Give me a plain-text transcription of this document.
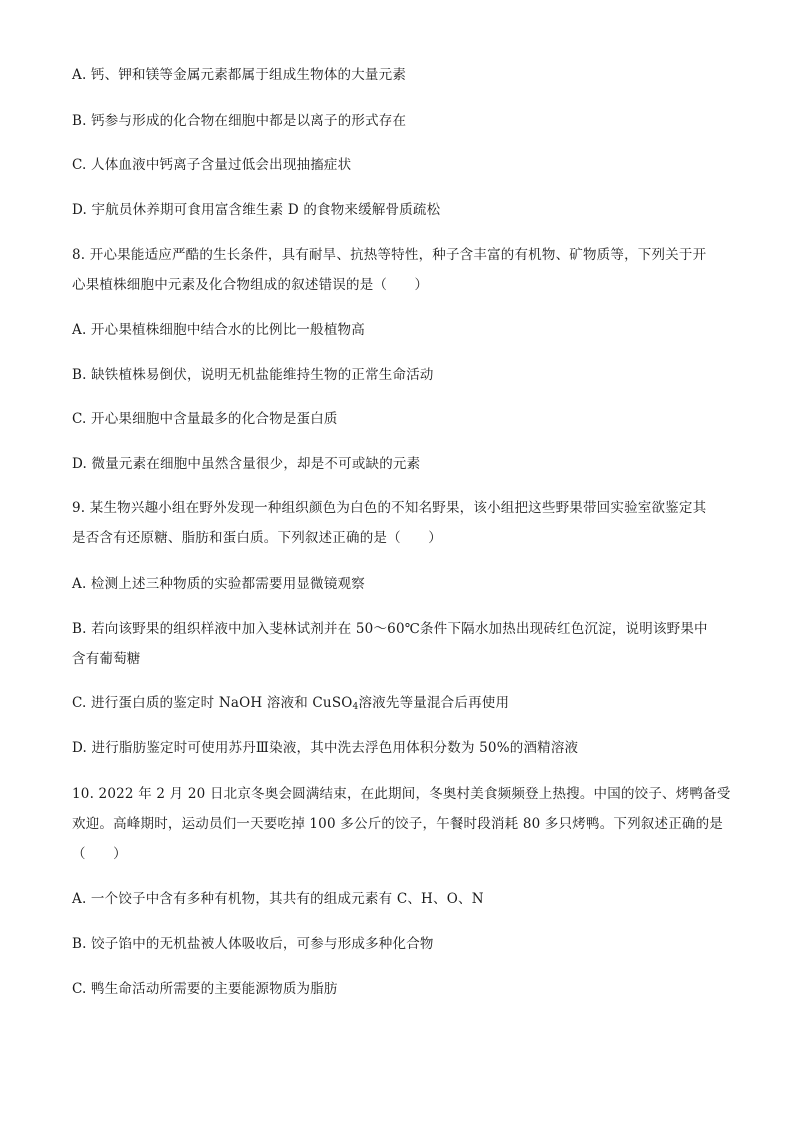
A. 钙、钾和镁等金属元素都属于组成生物体的大量元素
B. 钙参与形成的化合物在细胞中都是以离子的形式存在
C. 人体血液中钙离子含量过低会出现抽搐症状
D. 宇航员休养期可食用富含维生素 D 的食物来缓解骨质疏松
8. 开心果能适应严酷的生长条件，具有耐旱、抗热等特性，种子含丰富的有机物、矿物质等，下列关于开
心果植株细胞中元素及化合物组成的叙述错误的是（　　）
A. 开心果植株细胞中结合水的比例比一般植物高
B. 缺铁植株易倒伏，说明无机盐能维持生物的正常生命活动
C. 开心果细胞中含量最多的化合物是蛋白质
D. 微量元素在细胞中虽然含量很少，却是不可或缺的元素
9. 某生物兴趣小组在野外发现一种组织颜色为白色的不知名野果，该小组把这些野果带回实验室欲鉴定其
是否含有还原糖、脂肪和蛋白质。下列叙述正确的是（　　）
A. 检测上述三种物质的实验都需要用显微镜观察
B. 若向该野果的组织样液中加入斐林试剂并在 50～60℃条件下隔水加热出现砖红色沉淀，说明该野果中
含有葡萄糖
C. 进行蛋白质的鉴定时 NaOH 溶液和 CuSO$_4$溶液先等量混合后再使用
D. 进行脂肪鉴定时可使用苏丹Ⅲ染液，其中洗去浮色用体积分数为 50%的酒精溶液
10. 2022 年 2 月 20 日北京冬奥会圆满结束，在此期间，冬奥村美食频频登上热搜。中国的饺子、烤鸭备受
欢迎。高峰期时，运动员们一天要吃掉 100 多公斤的饺子，午餐时段消耗 80 多只烤鸭。下列叙述正确的是
（　　）
A. 一个饺子中含有多种有机物，其共有的组成元素有 C、H、O、N
B. 饺子馅中的无机盐被人体吸收后，可参与形成多种化合物
C. 鸭生命活动所需要的主要能源物质为脂肪
